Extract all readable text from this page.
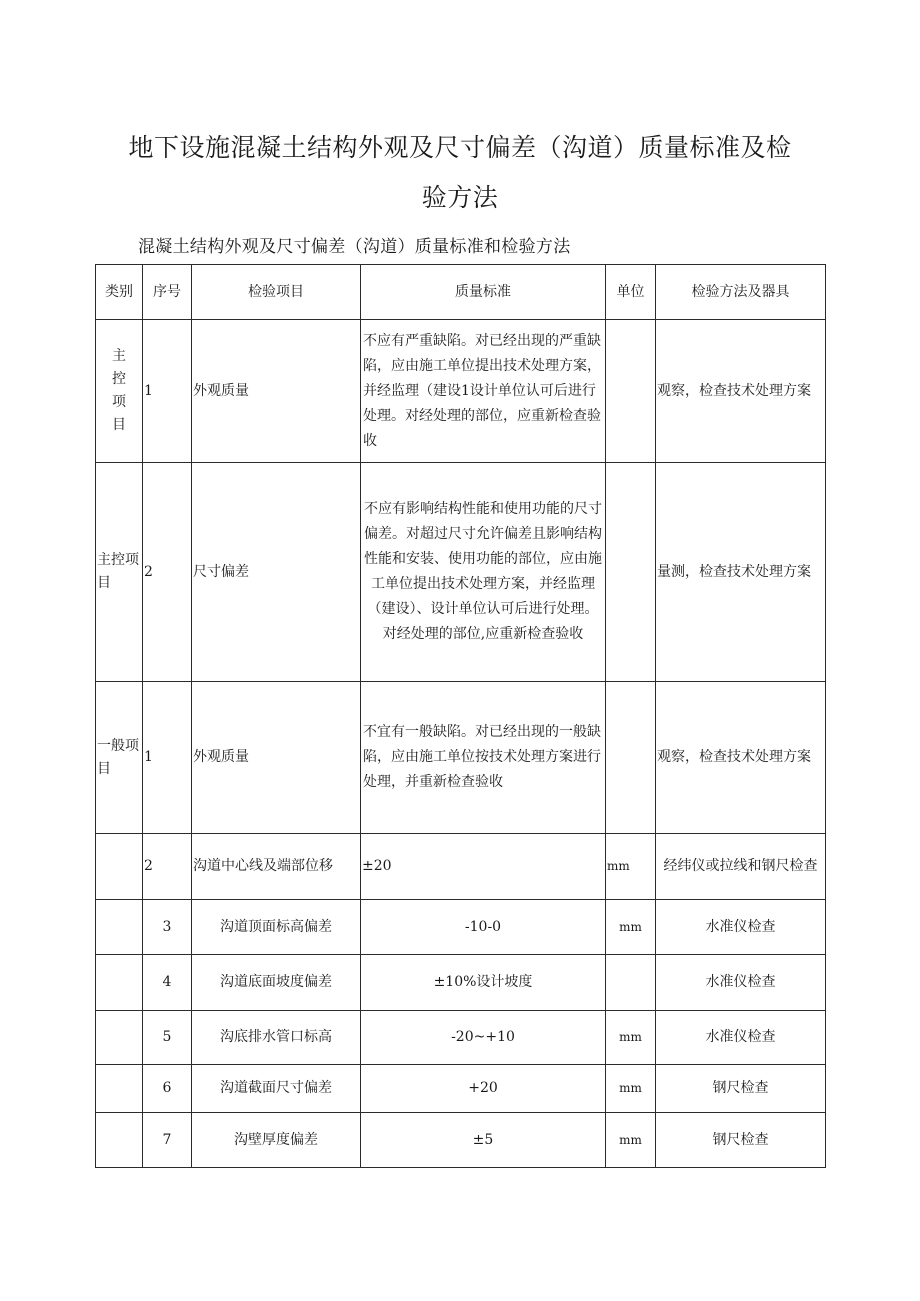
地下设施混凝土结构外观及尺寸偏差（沟道）质量标准及检
验方法
混凝土结构外观及尺寸偏差（沟道）质量标准和检验方法
类别	序号	检验项目	质量标准	单位	检验方法及器具
主控项目	1	外观质量	不应有严重缺陷。对已经出现的严重缺陷，应由施工单位提出技术处理方案，并经监理（建设1设计单位认可后进行处理。对经处理的部位，应重新检查验收		观察，检查技术处理方案
主控项目	2	尺寸偏差	不应有影响结构性能和使用功能的尺寸偏差。对超过尺寸允许偏差且影响结构性能和安装、使用功能的部位，应由施工单位提出技术处理方案，并经监理（建设）、设计单位认可后进行处理。对经处理的部位,应重新检查验收		量测，检查技术处理方案
一般项目	1	外观质量	不宜有一般缺陷。对已经出现的一般缺陷，应由施工单位按技术处理方案进行处理，并重新检查验收		观察，检查技术处理方案
	2	沟道中心线及端部位移	±20	mm	经纬仪或拉线和钢尺检查
	3	沟道顶面标高偏差	-10-0	mm	水准仪检查
	4	沟道底面坡度偏差	±10%设计坡度		水准仪检查
	5	沟底排水管口标高	-20~+10	mm	水准仪检查
	6	沟道截面尺寸偏差	+20	mm	钢尺检查
	7	沟壁厚度偏差	±5	mm	钢尺检查
